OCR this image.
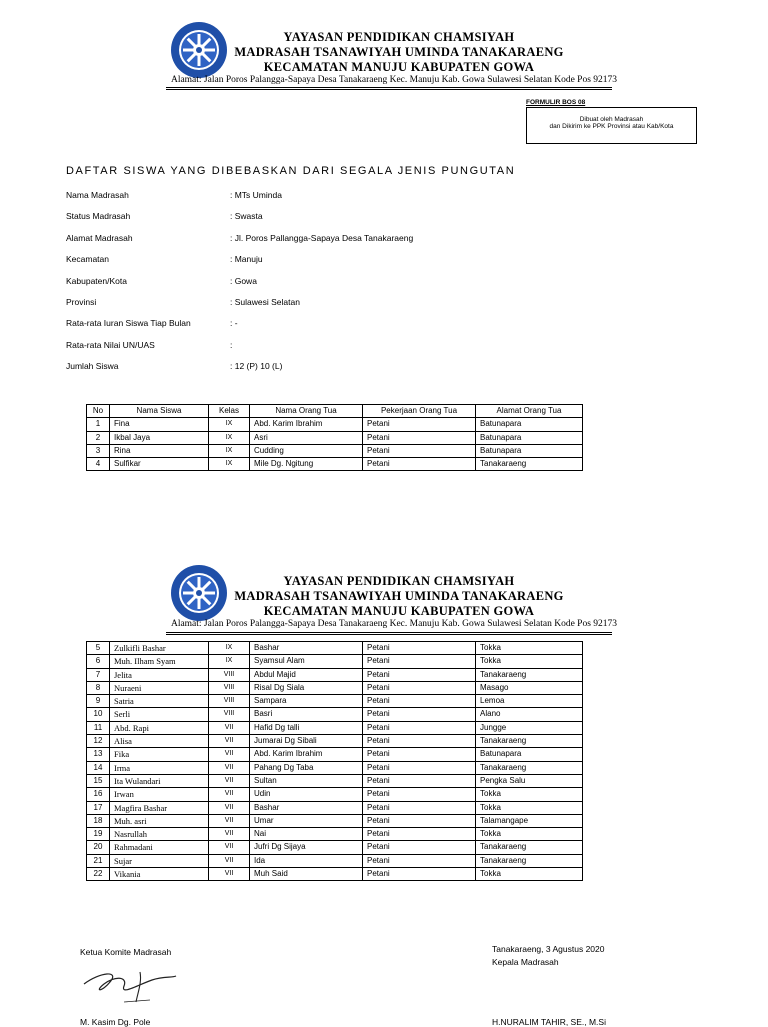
YAYASAN PENDIDIKAN CHAMSIYAH
MADRASAH TSANAWIYAH UMINDA TANAKARAENG
KECAMATAN MANUJU KABUPATEN GOWA
Alamat: Jalan Poros Palangga-Sapaya Desa Tanakaraeng Kec. Manuju Kab. Gowa Sulawesi Selatan Kode Pos 92173
FORMULIR BOS 08
Dibuat oleh Madrasah
dan Dikirim ke PPK Provinsi atau Kab/Kota
DAFTAR SISWA YANG DIBEBASKAN DARI SEGALA JENIS PUNGUTAN
Nama Madrasah	: MTs Uminda
Status Madrasah	: Swasta
Alamat Madrasah	: Jl. Poros Pallangga-Sapaya Desa Tanakaraeng
Kecamatan	: Manuju
Kabupaten/Kota	: Gowa
Provinsi	: Sulawesi Selatan
Rata-rata Iuran Siswa Tiap Bulan	: -
Rata-rata Nilai UN/UAS	:
Jumlah Siswa	: 12 (P) 10 (L)
No	Nama Siswa	Kelas	Nama Orang Tua	Pekerjaan Orang Tua	Alamat Orang Tua
1	Fina	IX	Abd. Karim Ibrahim	Petani	Batunapara
2	Ikbal Jaya	IX	Asri	Petani	Batunapara
3	Rina	IX	Cudding	Petani	Batunapara
4	Sulfikar	IX	Mile Dg. Ngitung	Petani	Tanakaraeng
YAYASAN PENDIDIKAN CHAMSIYAH
MADRASAH TSANAWIYAH UMINDA TANAKARAENG
KECAMATAN MANUJU KABUPATEN GOWA
Alamat: Jalan Poros Palangga-Sapaya Desa Tanakaraeng Kec. Manuju Kab. Gowa Sulawesi Selatan Kode Pos 92173
5	Zulkifli Bashar	IX	Bashar	Petani	Tokka
6	Muh. Ilham Syam	IX	Syamsul Alam	Petani	Tokka
7	Jelita	VIII	Abdul Majid	Petani	Tanakaraeng
8	Nuraeni	VIII	Risal Dg Siala	Petani	Masago
9	Satria	VIII	Sampara	Petani	Lemoa
10	Serli	VIII	Basri	Petani	Alano
11	Abd. Rapi	VII	Hafid Dg talli	Petani	Jungge
12	Alisa	VII	Jumarai Dg Sibali	Petani	Tanakaraeng
13	Fika	VII	Abd. Karim Ibrahim	Petani	Batunapara
14	Irma	VII	Pahang Dg Taba	Petani	Tanakaraeng
15	Ita Wulandari	VII	Sultan	Petani	Pengka Salu
16	Irwan	VII	Udin	Petani	Tokka
17	Magfira Bashar	VII	Bashar	Petani	Tokka
18	Muh. asri	VII	Umar	Petani	Talamangape
19	Nasrullah	VII	Nai	Petani	Tokka
20	Rahmadani	VII	Jufri Dg Sijaya	Petani	Tanakaraeng
21	Sujar	VII	Ida	Petani	Tanakaraeng
22	Vikania	VII	Muh Said	Petani	Tokka
Ketua Komite Madrasah
M. Kasim Dg. Pole
Tanakaraeng, 3 Agustus 2020
Kepala Madrasah
H.NURALIM TAHIR, SE., M.Si
